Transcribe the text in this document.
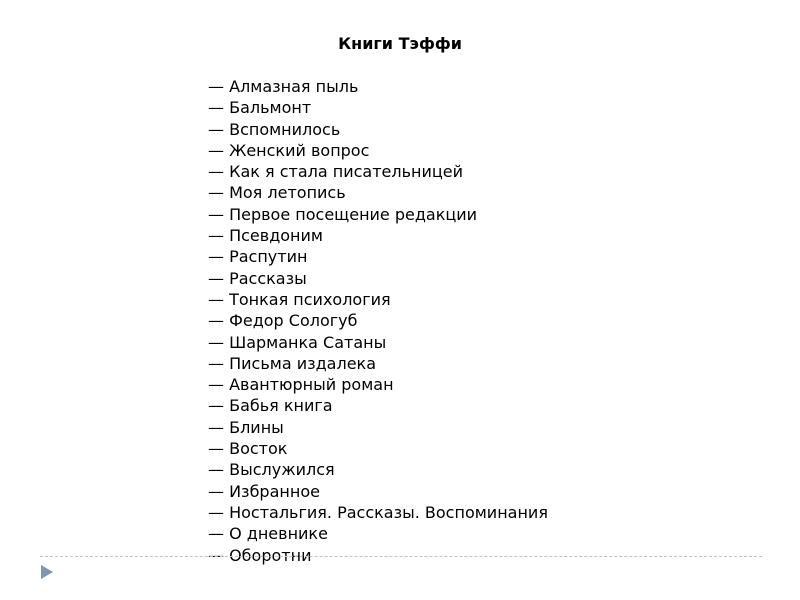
Книги Тэффи
— Алмазная пыль
— Бальмонт
— Вспомнилось
— Женский вопрос
— Как я стала писательницей
— Моя летопись
— Первое посещение редакции
— Псевдоним
— Распутин
— Рассказы
— Тонкая психология
— Федор Сологуб
— Шарманка Сатаны
— Письма издалека
— Авантюрный роман
— Бабья книга
— Блины
— Восток
— Выслужился
— Избранное
— Ностальгия. Рассказы. Воспоминания
— О дневнике
— Оборотни
